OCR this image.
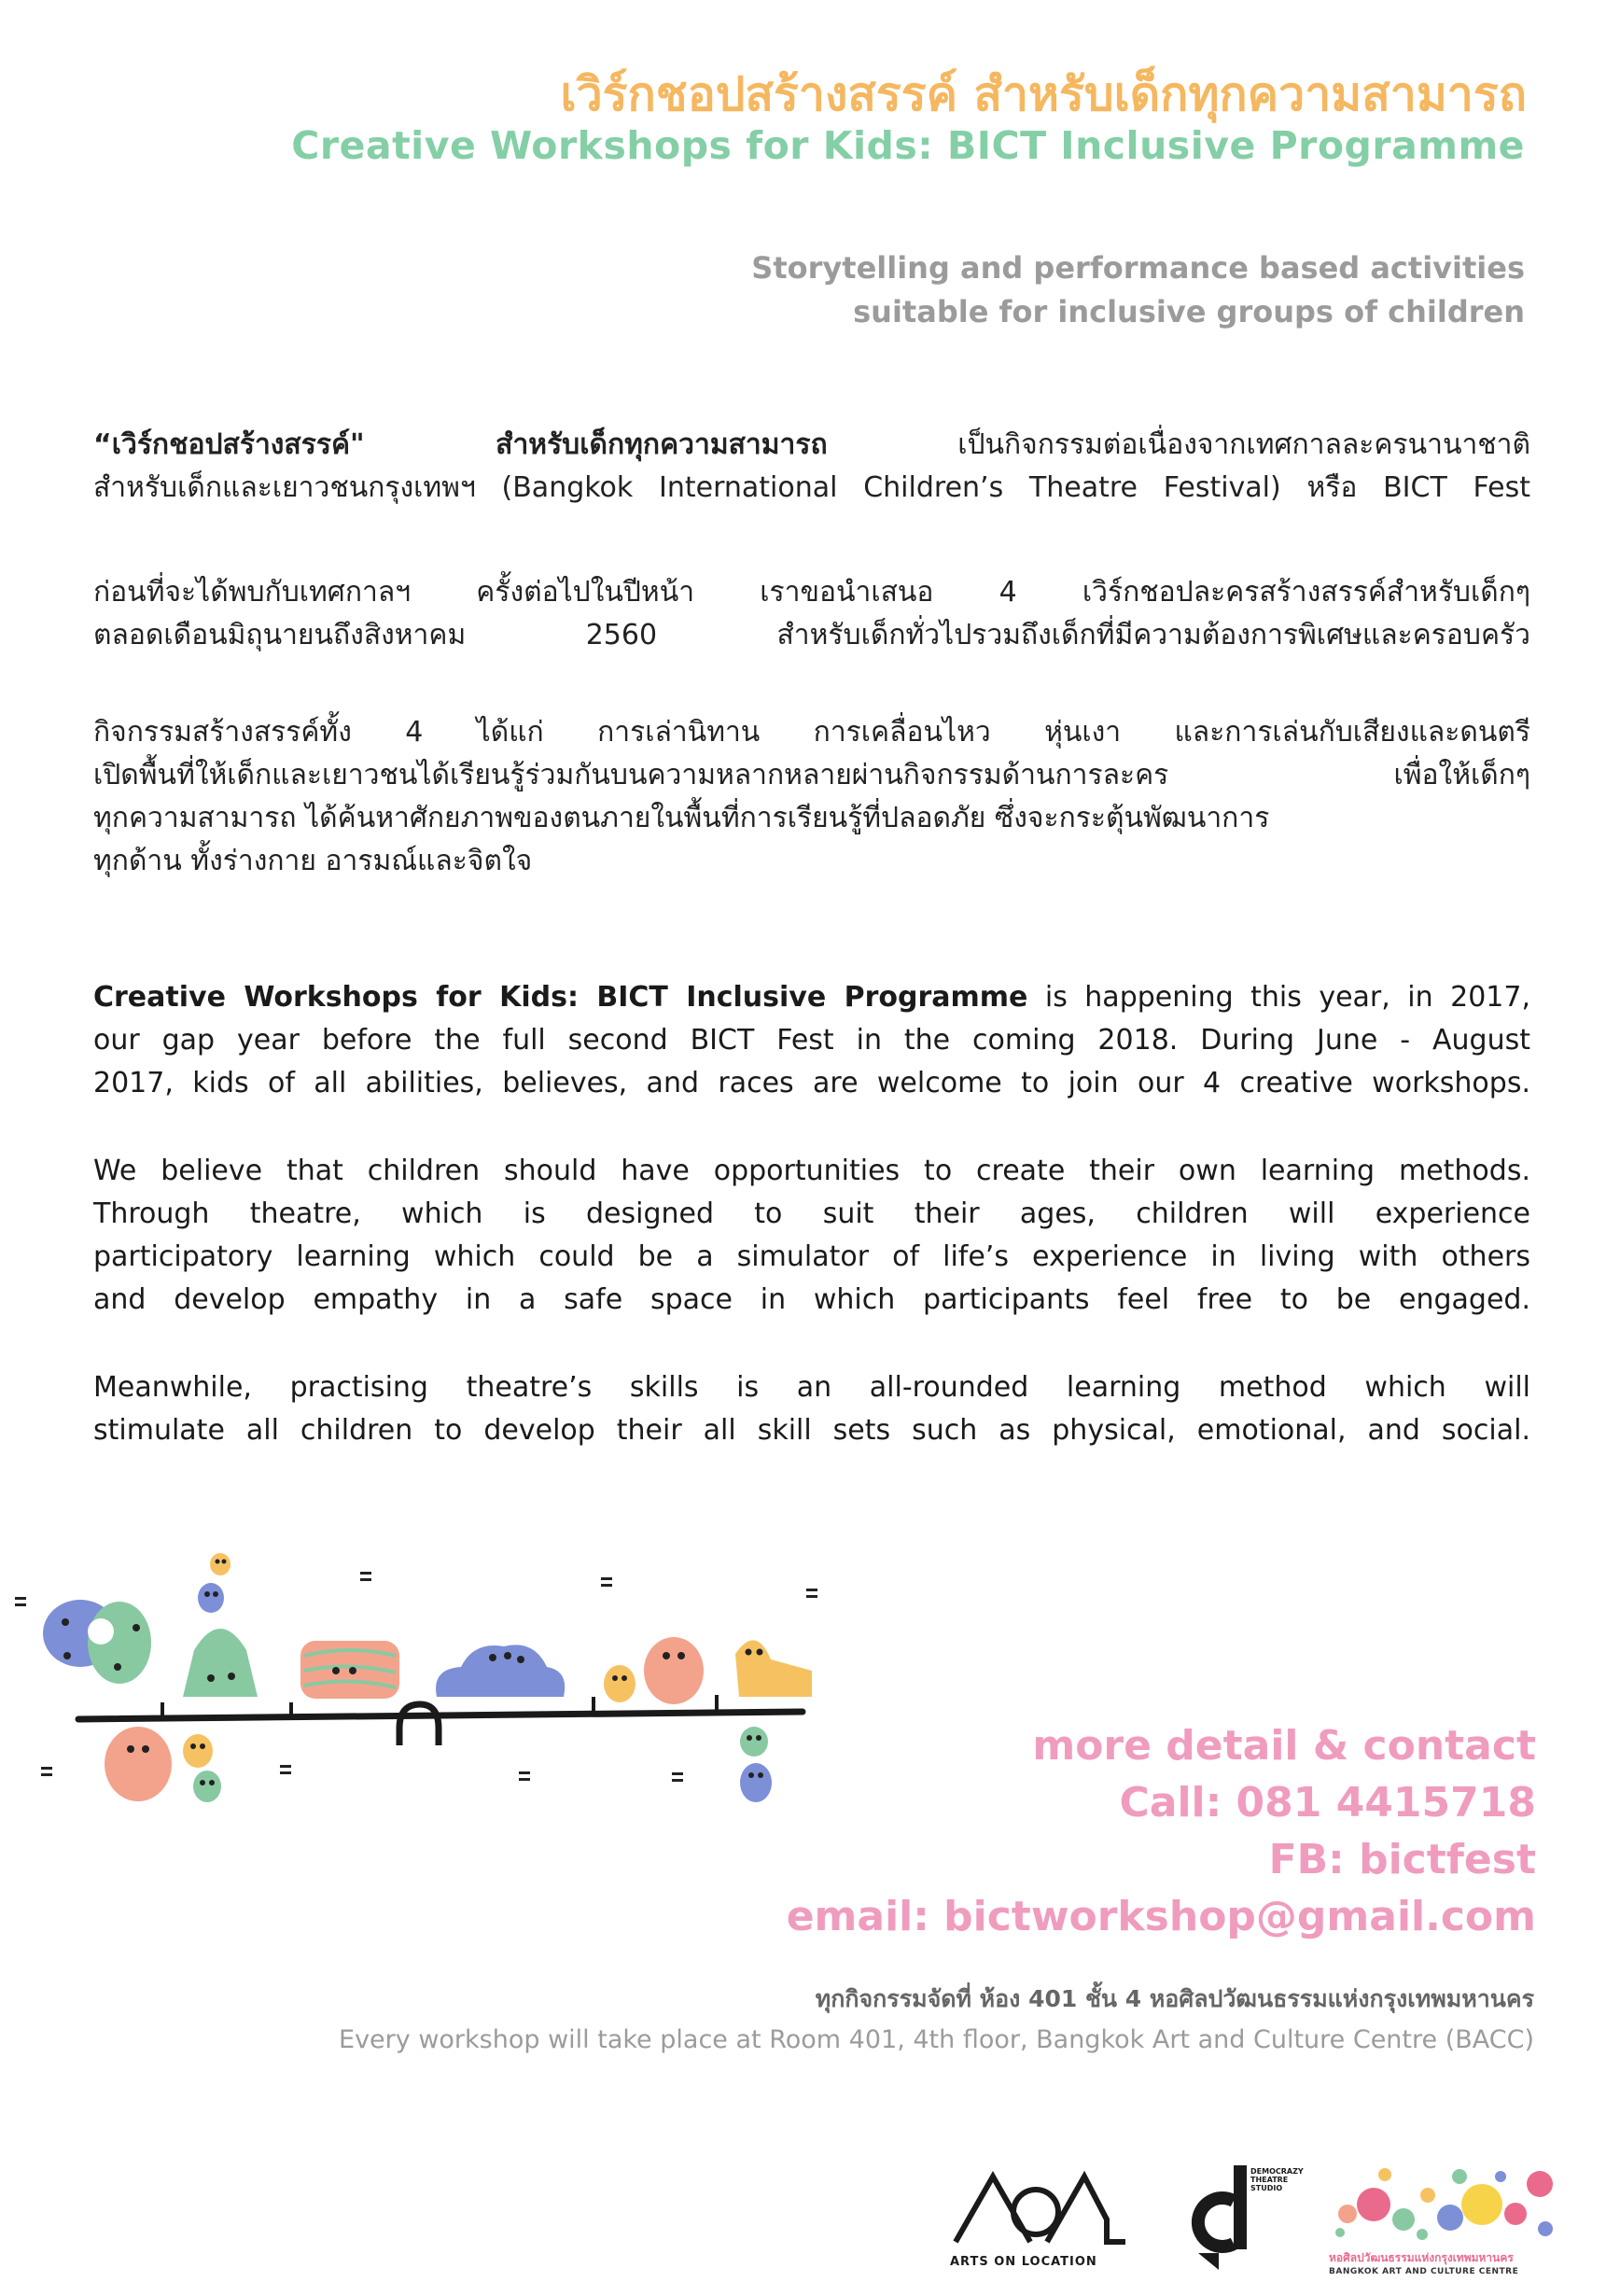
เวิร์กชอปสร้างสรรค์ สำหรับเด็กทุกความสามารถ
Creative Workshops for Kids: BICT Inclusive Programme
Storytelling and performance based activities
suitable for inclusive groups of children
“เวิร์กชอปสร้างสรรค์" สำหรับเด็กทุกความสามารถ เป็นกิจกรรมต่อเนื่องจากเทศกาลละครนานาชาติ
สำหรับเด็กและเยาวชนกรุงเทพฯ (Bangkok International Children’s Theatre Festival) หรือ BICT Fest
ก่อนที่จะได้พบกับเทศกาลฯ ครั้งต่อไปในปีหน้า เราขอนำเสนอ 4 เวิร์กชอปละครสร้างสรรค์สำหรับเด็กๆ
ตลอดเดือนมิถุนายนถึงสิงหาคม 2560 สำหรับเด็กทั่วไปรวมถึงเด็กที่มีความต้องการพิเศษและครอบครัว
กิจกรรมสร้างสรรค์ทั้ง 4 ได้แก่ การเล่านิทาน การเคลื่อนไหว หุ่นเงา และการเล่นกับเสียงและดนตรี
เปิดพื้นที่ให้เด็กและเยาวชนได้เรียนรู้ร่วมกันบนความหลากหลายผ่านกิจกรรมด้านการละคร เพื่อให้เด็กๆ
ทุกความสามารถ ได้ค้นหาศักยภาพของตนภายในพื้นที่การเรียนรู้ที่ปลอดภัย ซึ่งจะกระตุ้นพัฒนาการ
ทุกด้าน ทั้งร่างกาย อารมณ์และจิตใจ
Creative Workshops for Kids: BICT Inclusive Programme is happening this year, in 2017,
our gap year before the full second BICT Fest in the coming 2018. During June - August
2017, kids of all abilities, believes, and races are welcome to join our 4 creative workshops.
We believe that children should have opportunities to create their own learning methods.
Through theatre, which is designed to suit their ages, children will experience
participatory learning which could be a simulator of life’s experience in living with others
and develop empathy in a safe space in which participants feel free to be engaged.
Meanwhile, practising theatre’s skills is an all-rounded learning method which will
stimulate all children to develop their all skill sets such as physical, emotional, and social.
more detail & contact
Call: 081 4415718
FB: bictfest
email: bictworkshop@gmail.com
ทุกกิจกรรมจัดที่ ห้อง 401 ชั้น 4 หอศิลปวัฒนธรรมแห่งกรุงเทพมหานคร
Every workshop will take place at Room 401, 4th floor, Bangkok Art and Culture Centre (BACC)
ARTS ON LOCATION
DEMOCRAZY THEATRE STUDIO
หอศิลปวัฒนธรรมแห่งกรุงเทพมหานคร
BANGKOK ART AND CULTURE CENTRE
